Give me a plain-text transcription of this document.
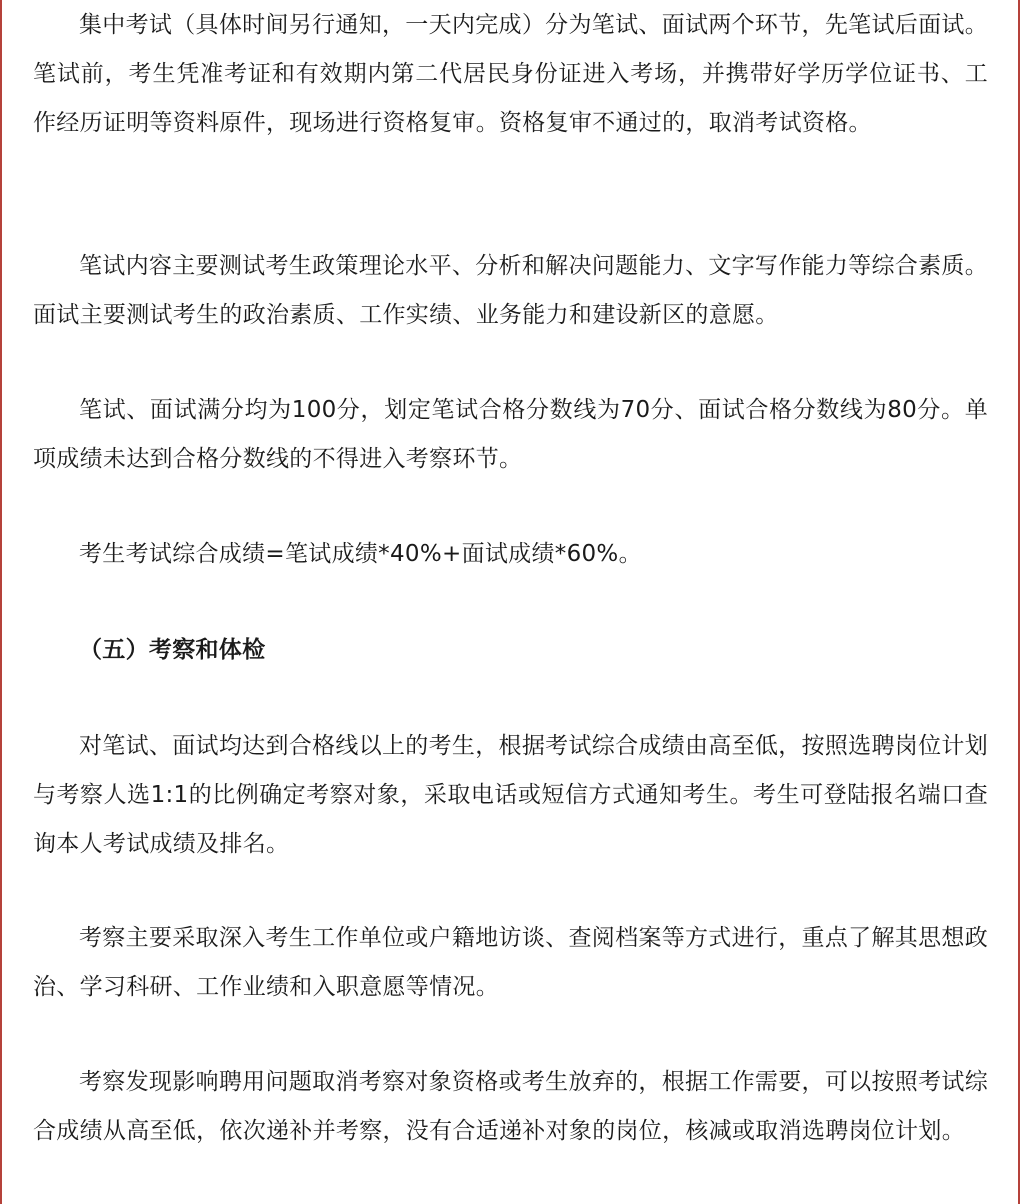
集中考试（具体时间另行通知，一天内完成）分为笔试、面试两个环节，先笔试后面试。笔试前，考生凭准考证和有效期内第二代居民身份证进入考场，并携带好学历学位证书、工作经历证明等资料原件，现场进行资格复审。资格复审不通过的，取消考试资格。

笔试内容主要测试考生政策理论水平、分析和解决问题能力、文字写作能力等综合素质。面试主要测试考生的政治素质、工作实绩、业务能力和建设新区的意愿。

笔试、面试满分均为100分，划定笔试合格分数线为70分、面试合格分数线为80分。单项成绩未达到合格分数线的不得进入考察环节。

考生考试综合成绩=笔试成绩*40%+面试成绩*60%。

（五）考察和体检

对笔试、面试均达到合格线以上的考生，根据考试综合成绩由高至低，按照选聘岗位计划与考察人选1:1的比例确定考察对象，采取电话或短信方式通知考生。考生可登陆报名端口查询本人考试成绩及排名。

考察主要采取深入考生工作单位或户籍地访谈、查阅档案等方式进行，重点了解其思想政治、学习科研、工作业绩和入职意愿等情况。

考察发现影响聘用问题取消考察对象资格或考生放弃的，根据工作需要，可以按照考试综合成绩从高至低，依次递补并考察，没有合适递补对象的岗位，核减或取消选聘岗位计划。
